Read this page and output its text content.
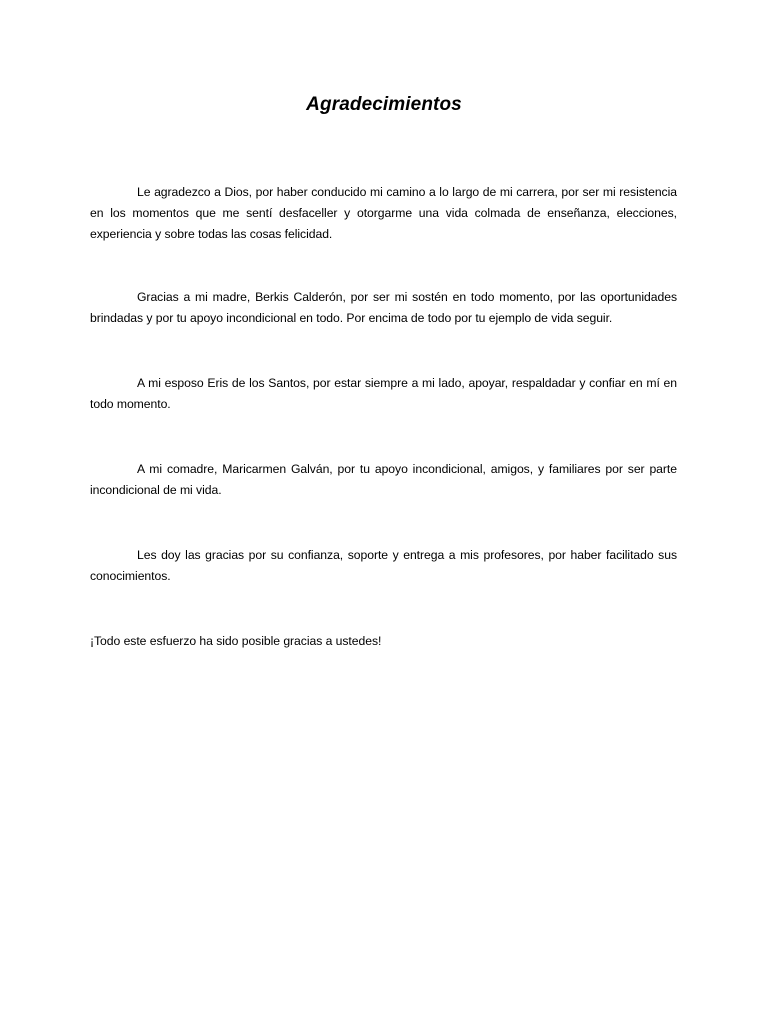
Agradecimientos

Le agradezco a Dios, por haber conducido mi camino a lo largo de mi carrera, por ser mi resistencia en los momentos que me sentí desfaceller y otorgarme una vida colmada de enseñanza, elecciones, experiencia y sobre todas las cosas felicidad.

Gracias a mi madre, Berkis Calderón, por ser mi sostén en todo momento, por las oportunidades brindadas y por tu apoyo incondicional en todo. Por encima de todo por tu ejemplo de vida seguir.

A mi esposo Eris de los Santos, por estar siempre a mi lado, apoyar, respaldadar y confiar en mí en todo momento.

A mi comadre, Maricarmen Galván, por tu apoyo incondicional, amigos, y familiares por ser parte incondicional de mi vida.

Les doy las gracias por su confianza, soporte y entrega a mis profesores, por haber facilitado sus conocimientos.

¡Todo este esfuerzo ha sido posible gracias a ustedes!
